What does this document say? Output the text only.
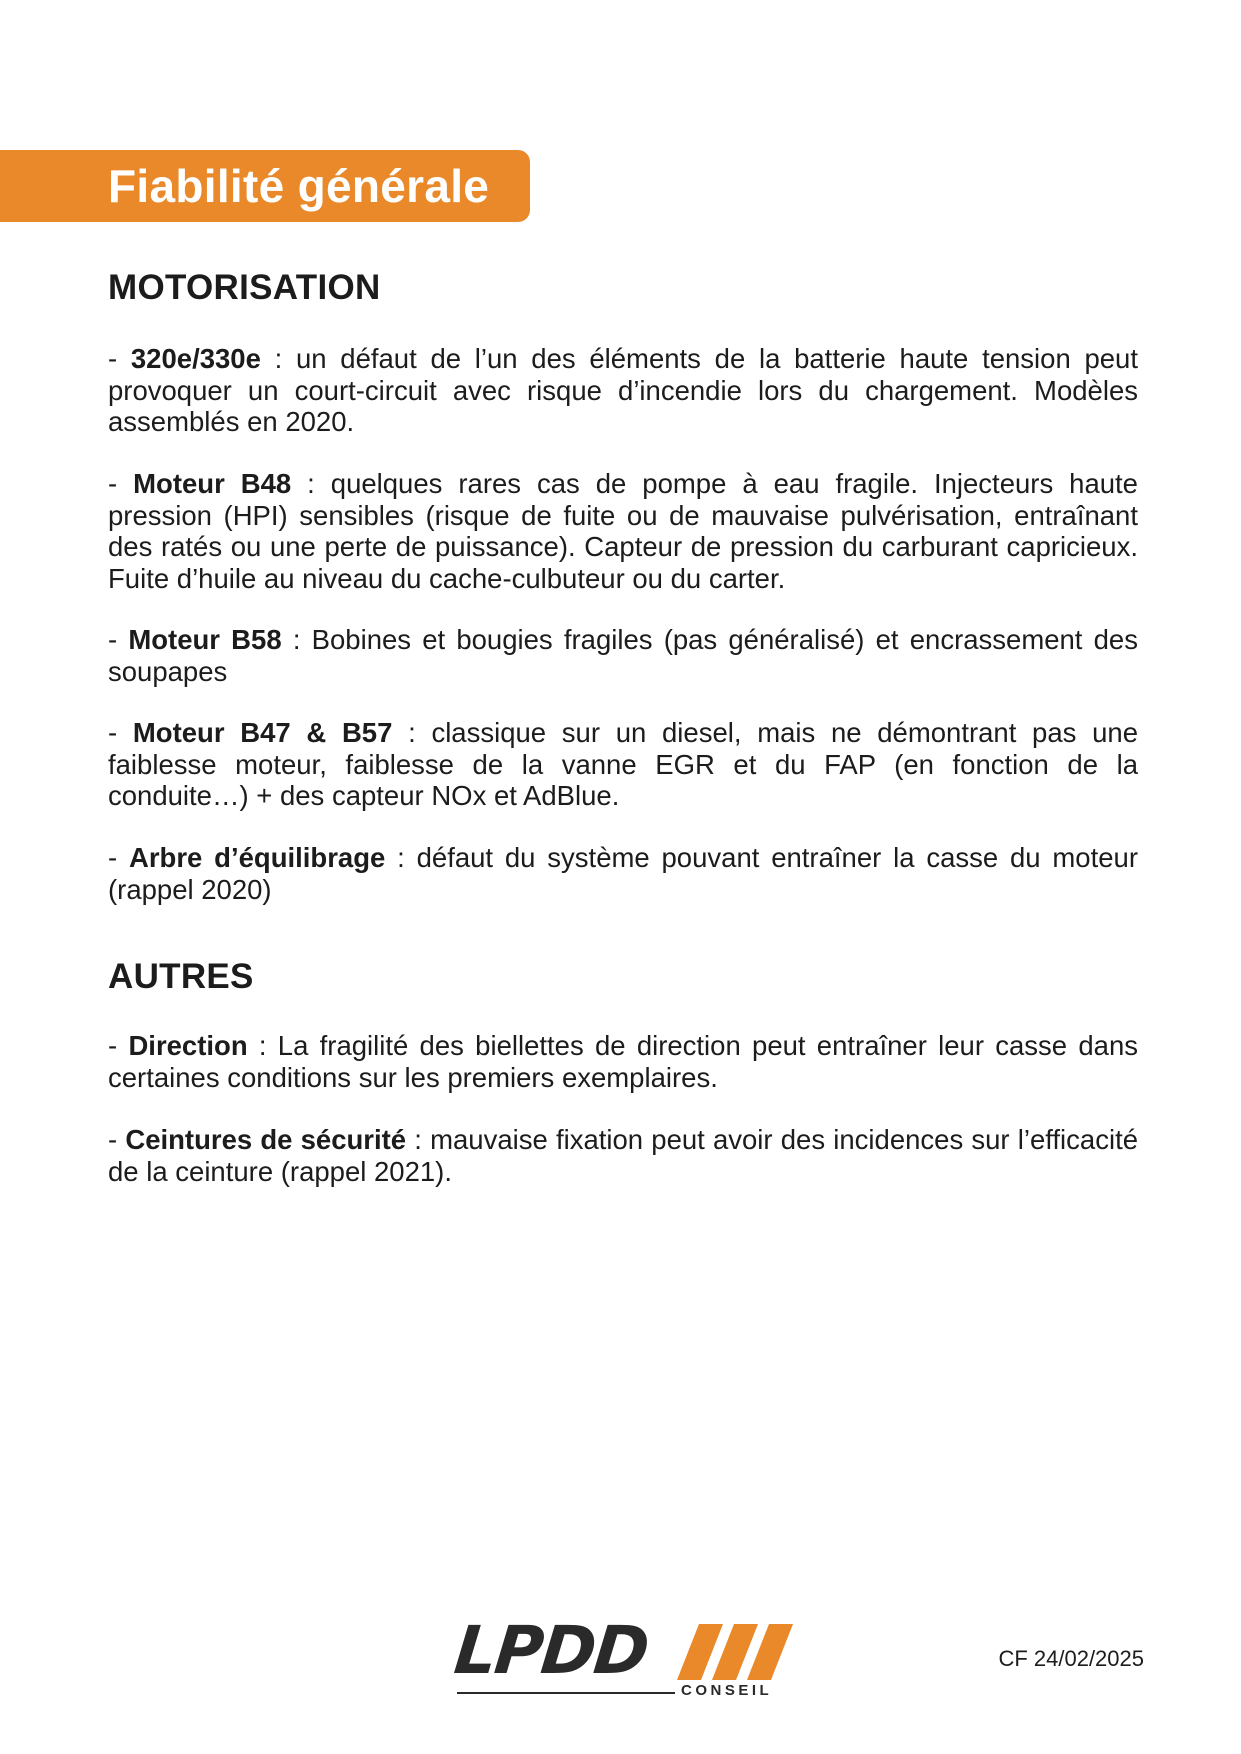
Fiabilité générale
MOTORISATION

- 320e/330e : un défaut de l’un des éléments de la batterie haute tension peut provoquer un court-circuit avec risque d’incendie lors du chargement. Modèles assemblés en 2020.

- Moteur B48 : quelques rares cas de pompe à eau fragile. Injecteurs haute pression (HPI) sensibles (risque de fuite ou de mauvaise pulvérisation, entraînant des ratés ou une perte de puissance). Capteur de pression du carburant capricieux. Fuite d’huile au niveau du cache-culbuteur ou du carter.

- Moteur B58 : Bobines et bougies fragiles (pas généralisé) et encrassement des soupapes

- Moteur B47 & B57 : classique sur un diesel, mais ne démontrant pas une faiblesse moteur, faiblesse de la vanne EGR et du FAP (en fonction de la conduite…) + des capteur NOx et AdBlue.

- Arbre d’équilibrage : défaut du système pouvant entraîner la casse du moteur (rappel 2020)

AUTRES

- Direction : La fragilité des biellettes de direction peut entraîner leur casse dans certaines conditions sur les premiers exemplaires.

- Ceintures de sécurité : mauvaise fixation peut avoir des incidences sur l’efficacité de la ceinture (rappel 2021).

LPDD
CONSEIL
CF 24/02/2025
